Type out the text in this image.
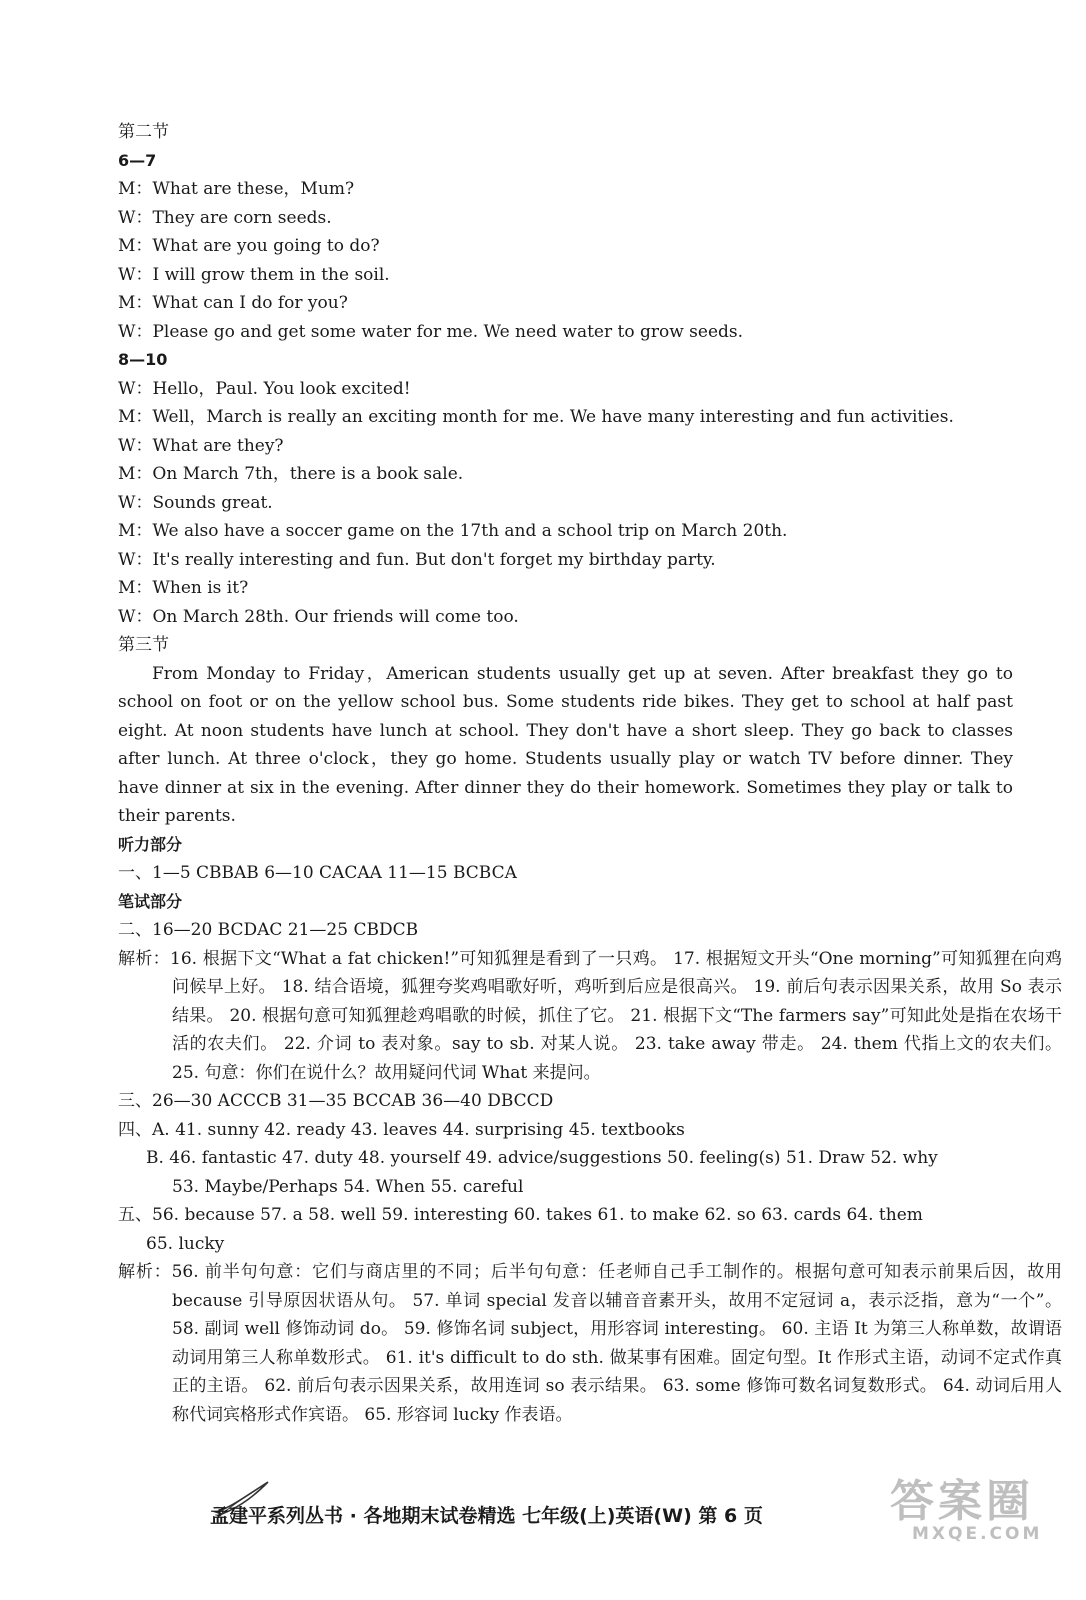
第二节

6—7

M：What are these，Mum?

W：They are corn seeds.

M：What are you going to do?

W：I will grow them in the soil.

M：What can I do for you?

W：Please go and get some water for me. We need water to grow seeds.

8—10

W：Hello，Paul. You look excited!

M：Well，March is really an exciting month for me. We have many interesting and fun activities.

W：What are they?

M：On March 7th，there is a book sale.

W：Sounds great.

M：We also have a soccer game on the 17th and a school trip on March 20th.

W：It's really interesting and fun. But don't forget my birthday party.

M：When is it?

W：On March 28th. Our friends will come too.

第三节

From Monday to Friday，American students usually get up at seven. After breakfast they go to school on foot or on the yellow school bus. Some students ride bikes. They get to school at half past eight. At noon students have lunch at school. They don't have a short sleep. They go back to classes after lunch. At three o'clock，they go home. Students usually play or watch TV before dinner. They have dinner at six in the evening. After dinner they do their homework. Sometimes they play or talk to their parents.

听力部分

一、1—5 CBBAB 6—10 CACAA 11—15 BCBCA

笔试部分

二、16—20 BCDAC 21—25 CBDCB

解析：16. 根据下文“What a fat chicken!”可知狐狸是看到了一只鸡。 17. 根据短文开头“One morning”可知狐狸在向鸡问候早上好。 18. 结合语境，狐狸夸奖鸡唱歌好听，鸡听到后应是很高兴。 19. 前后句表示因果关系，故用 So 表示结果。 20. 根据句意可知狐狸趁鸡唱歌的时候，抓住了它。 21. 根据下文“The farmers say”可知此处是指在农场干活的农夫们。 22. 介词 to 表对象。say to sb. 对某人说。 23. take away 带走。 24. them 代指上文的农夫们。 25. 句意：你们在说什么？故用疑问代词 What 来提问。

三、26—30 ACCCB 31—35 BCCAB 36—40 DBCCD

四、A. 41. sunny 42. ready 43. leaves 44. surprising 45. textbooks

B. 46. fantastic 47. duty 48. yourself 49. advice/suggestions 50. feeling(s) 51. Draw 52. why

53. Maybe/Perhaps 54. When 55. careful

五、56. because 57. a 58. well 59. interesting 60. takes 61. to make 62. so 63. cards 64. them

65. lucky

解析：56. 前半句句意：它们与商店里的不同；后半句句意：任老师自己手工制作的。根据句意可知表示前果后因，故用 because 引导原因状语从句。 57. 单词 special 发音以辅音音素开头，故用不定冠词 a，表示泛指，意为“一个”。 58. 副词 well 修饰动词 do。 59. 修饰名词 subject，用形容词 interesting。 60. 主语 It 为第三人称单数，故谓语动词用第三人称单数形式。 61. it's difficult to do sth. 做某事有困难。固定句型。It 作形式主语，动词不定式作真正的主语。 62. 前后句表示因果关系，故用连词 so 表示结果。 63. some 修饰可数名词复数形式。 64. 动词后用人称代词宾格形式作宾语。 65. 形容词 lucky 作表语。

孟建平系列丛书 · 各地期末试卷精选 七年级(上)英语(W) 第 6 页	答案圈
MXQE.COM
